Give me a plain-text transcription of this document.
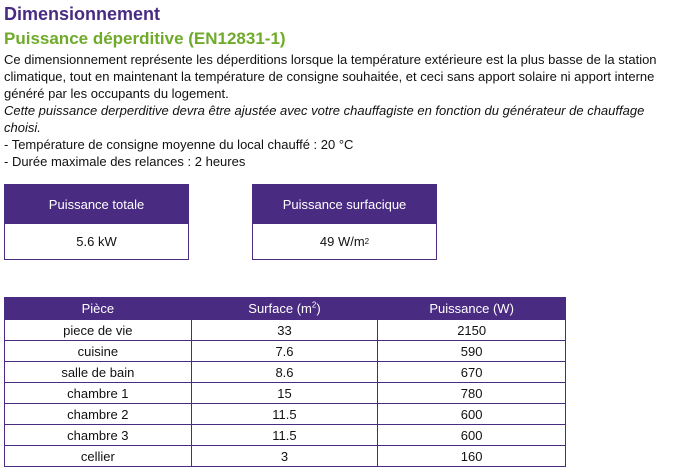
Dimensionnement
Puissance déperditive (EN12831-1)

Ce dimensionnement représente les déperditions lorsque la température extérieure est la plus basse de la station climatique, tout en maintenant la température de consigne souhaitée, et ceci sans apport solaire ni apport interne généré par les occupants du logement.

Cette puissance derperditive devra être ajustée avec votre chauffagiste en fonction du générateur de chauffage choisi.

- Température de consigne moyenne du local chauffé : 20 °C

- Durée maximale des relances : 2 heures

Puissance totale
5.6 kW
Puissance surfacique
49 W/m 2
Pièce	Surface $(m^2)$	Puissance (W)
piece de vie	33	2150
cuisine	7.6	590
salle de bain	8.6	670
chambre 1	15	780
chambre 2	11.5	600
chambre 3	11.5	600
cellier	3	160
